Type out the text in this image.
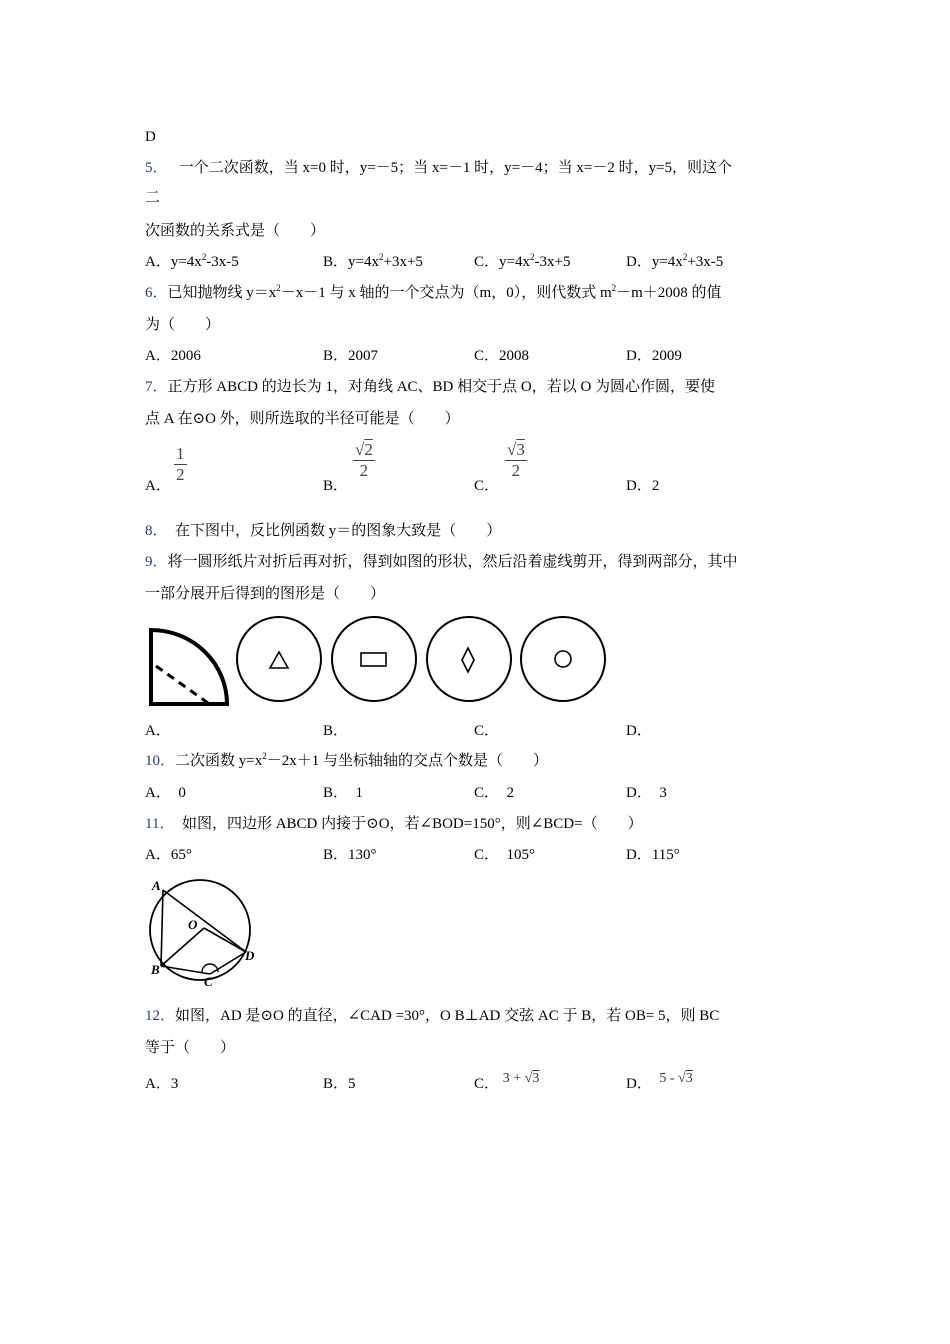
D
5． 一个二次函数，当 x=0 时，y=－5；当 x=－1 时，y=－4；当 x=－2 时，y=5，则这个
二
次函数的关系式是（　　）
A．$y=4x^2-3x-5$	B．$y=4x^2+3x+5$	C．$y=4x^2-3x+5$	D．$y=4x^2+3x-5$
6．已知抛物线 $y=x^2-x-1$ 与 x 轴的一个交点为（m，0），则代数式 $m^2-m+2008$ 的值
为（　　）
A．2006	B．2007	C．2008	D．2009
7．正方形 ABCD 的边长为 1，对角线 AC、BD 相交于点 O，若以 O 为圆心作圆，要使
点 A 在⊙O 外，则所选取的半径可能是（　　）
A．
$\frac{1}{2}$
B．
$\frac{√2}{2}$
C．
$\frac{√3}{2}$
D．2
8． 在下图中，反比例函数 y＝的图象大致是（　　）
9．将一圆形纸片对折后再对折，得到如图的形状，然后沿着虚线剪开，得到两部分，其中
一部分展开后得到的图形是（　　）
A．	B．	C．	D．
10．二次函数 $y=x^2-2x+1$ 与坐标轴轴的交点个数是（　　）
A． 0	B． 1	C． 2	D． 3
11． 如图，四边形 ABCD 内接于⊙O，若∠BOD=150°，则∠BCD=（　　）
A．65°	B．130°	C． 105°	D．115°
A
O
B
C
D
12．如图，AD 是⊙O 的直径，∠CAD =30°，O B⊥AD 交弦 AC 于 B，若 OB= 5，则 BC
等于（　　）
A．3	B．5	C． 3 + √3	D． 5 - √3
